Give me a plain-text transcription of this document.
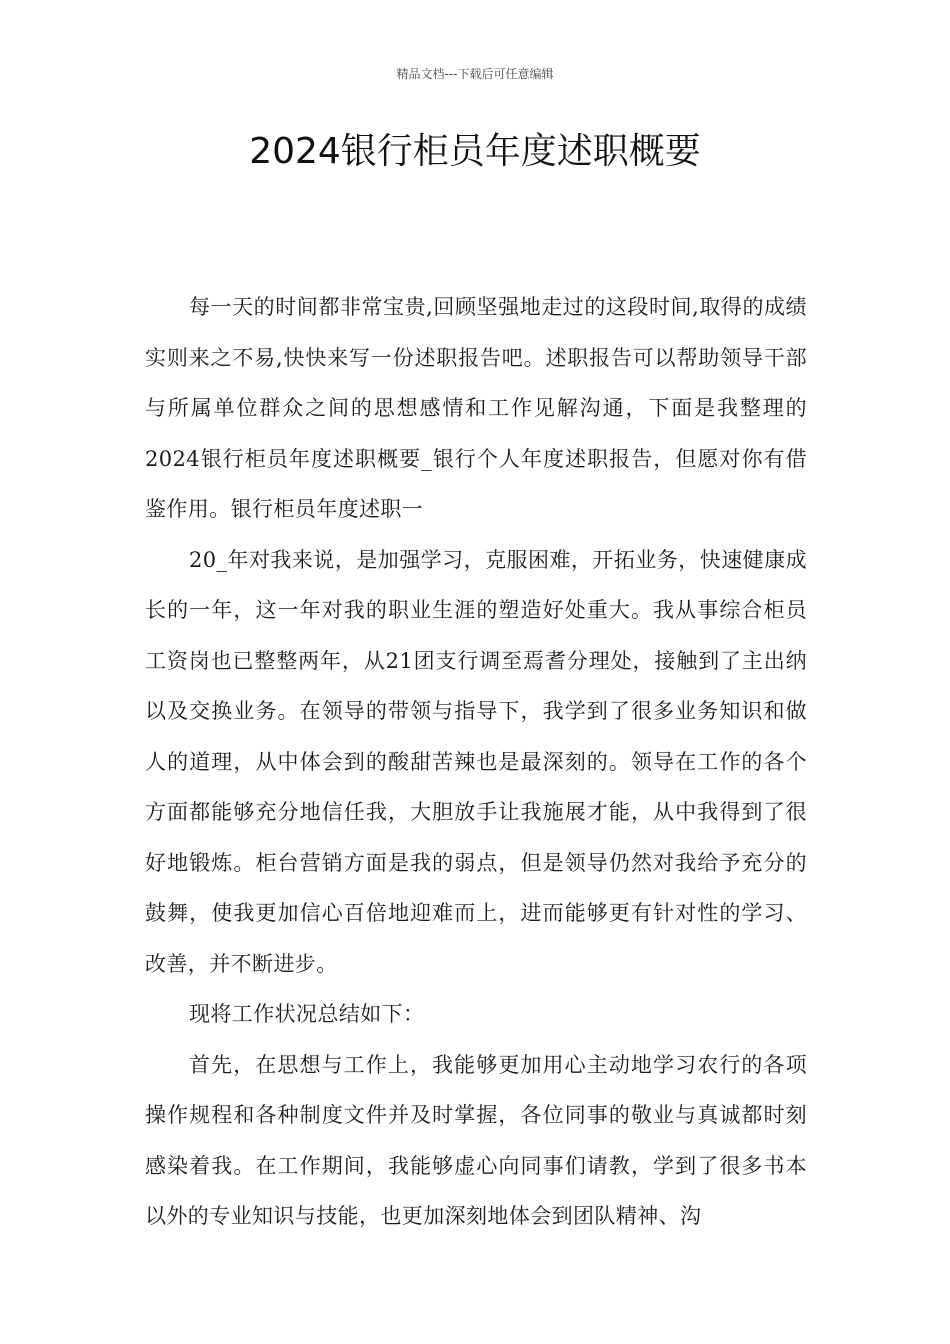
精品文档---下载后可任意编辑
2024银行柜员年度述职概要

每一天的时间都非常宝贵,回顾坚强地走过的这段时间,取得的成绩实则来之不易,快快来写一份述职报告吧。述职报告可以帮助领导干部与所属单位群众之间的思想感情和工作见解沟通，下面是我整理的2024银行柜员年度述职概要_银行个人年度述职报告，但愿对你有借鉴作用。银行柜员年度述职一

20_年对我来说，是加强学习，克服困难，开拓业务，快速健康成长的一年，这一年对我的职业生涯的塑造好处重大。我从事综合柜员工资岗也已整整两年，从21团支行调至焉耆分理处，接触到了主出纳以及交换业务。在领导的带领与指导下，我学到了很多业务知识和做人的道理，从中体会到的酸甜苦辣也是最深刻的。领导在工作的各个方面都能够充分地信任我，大胆放手让我施展才能，从中我得到了很好地锻炼。柜台营销方面是我的弱点，但是领导仍然对我给予充分的鼓舞，使我更加信心百倍地迎难而上，进而能够更有针对性的学习、改善，并不断进步。

现将工作状况总结如下：

首先，在思想与工作上，我能够更加用心主动地学习农行的各项操作规程和各种制度文件并及时掌握，各位同事的敬业与真诚都时刻感染着我。在工作期间，我能够虚心向同事们请教，学到了很多书本以外的专业知识与技能，也更加深刻地体会到团队精神、沟
